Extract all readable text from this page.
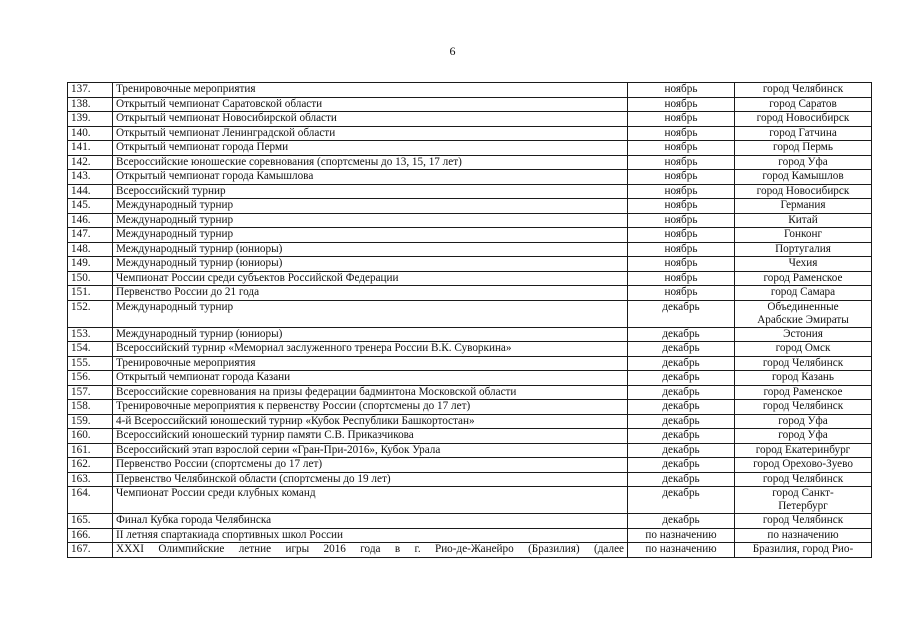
6
137.	Тренировочные мероприятия	ноябрь	город Челябинск

138.	Открытый чемпионат Саратовской области	ноябрь	город Саратов

139.	Открытый чемпионат Новосибирской области	ноябрь	город Новосибирск

140.	Открытый чемпионат Ленинградской области	ноябрь	город Гатчина

141.	Открытый чемпионат города Перми	ноябрь	город Пермь

142.	Всероссийские юношеские соревнования (спортсмены до 13, 15, 17 лет)	ноябрь	город Уфа

143.	Открытый чемпионат города Камышлова	ноябрь	город Камышлов

144.	Всероссийский турнир	ноябрь	город Новосибирск

145.	Международный турнир	ноябрь	Германия

146.	Международный турнир	ноябрь	Китай

147.	Международный турнир	ноябрь	Гонконг

148.	Международный турнир (юниоры)	ноябрь	Португалия

149.	Международный турнир (юниоры)	ноябрь	Чехия

150.	Чемпионат России среди субъектов Российской Федерации	ноябрь	город Раменское

151.	Первенство России до 21 года	ноябрь	город Самара

152.	Международный турнир	декабрь	Объединенные
Арабские Эмираты

153.	Международный турнир (юниоры)	декабрь	Эстония

154.	Всероссийский турнир «Мемориал заслуженного тренера России В.К. Суворкина»	декабрь	город Омск

155.	Тренировочные мероприятия	декабрь	город Челябинск

156.	Открытый чемпионат города Казани	декабрь	город Казань

157.	Всероссийские соревнования на призы федерации бадминтона Московской области	декабрь	город Раменское

158.	Тренировочные мероприятия к первенству России (спортсмены до 17 лет)	декабрь	город Челябинск

159.	4-й Всероссийский юношеский турнир «Кубок Республики Башкортостан»	декабрь	город Уфа

160.	Всероссийский юношеский турнир памяти С.В. Приказчикова	декабрь	город Уфа

161.	Всероссийский этап взрослой серии «Гран-При-2016», Кубок Урала	декабрь	город Екатеринбург

162.	Первенство России (спортсмены до 17 лет)	декабрь	город Орехово-Зуево

163.	Первенство Челябинской области (спортсмены до 19 лет)	декабрь	город Челябинск

164.	Чемпионат России среди клубных команд	декабрь	город Санкт-
Петербург

165.	Финал Кубка города Челябинска	декабрь	город Челябинск

166.	II летняя спартакиада спортивных школ России	по назначению	по назначению

167.	XXXI Олимпийские летние игры 2016 года в г. Рио-де-Жанейро (Бразилия) (далее	по назначению	Бразилия, город Рио-
